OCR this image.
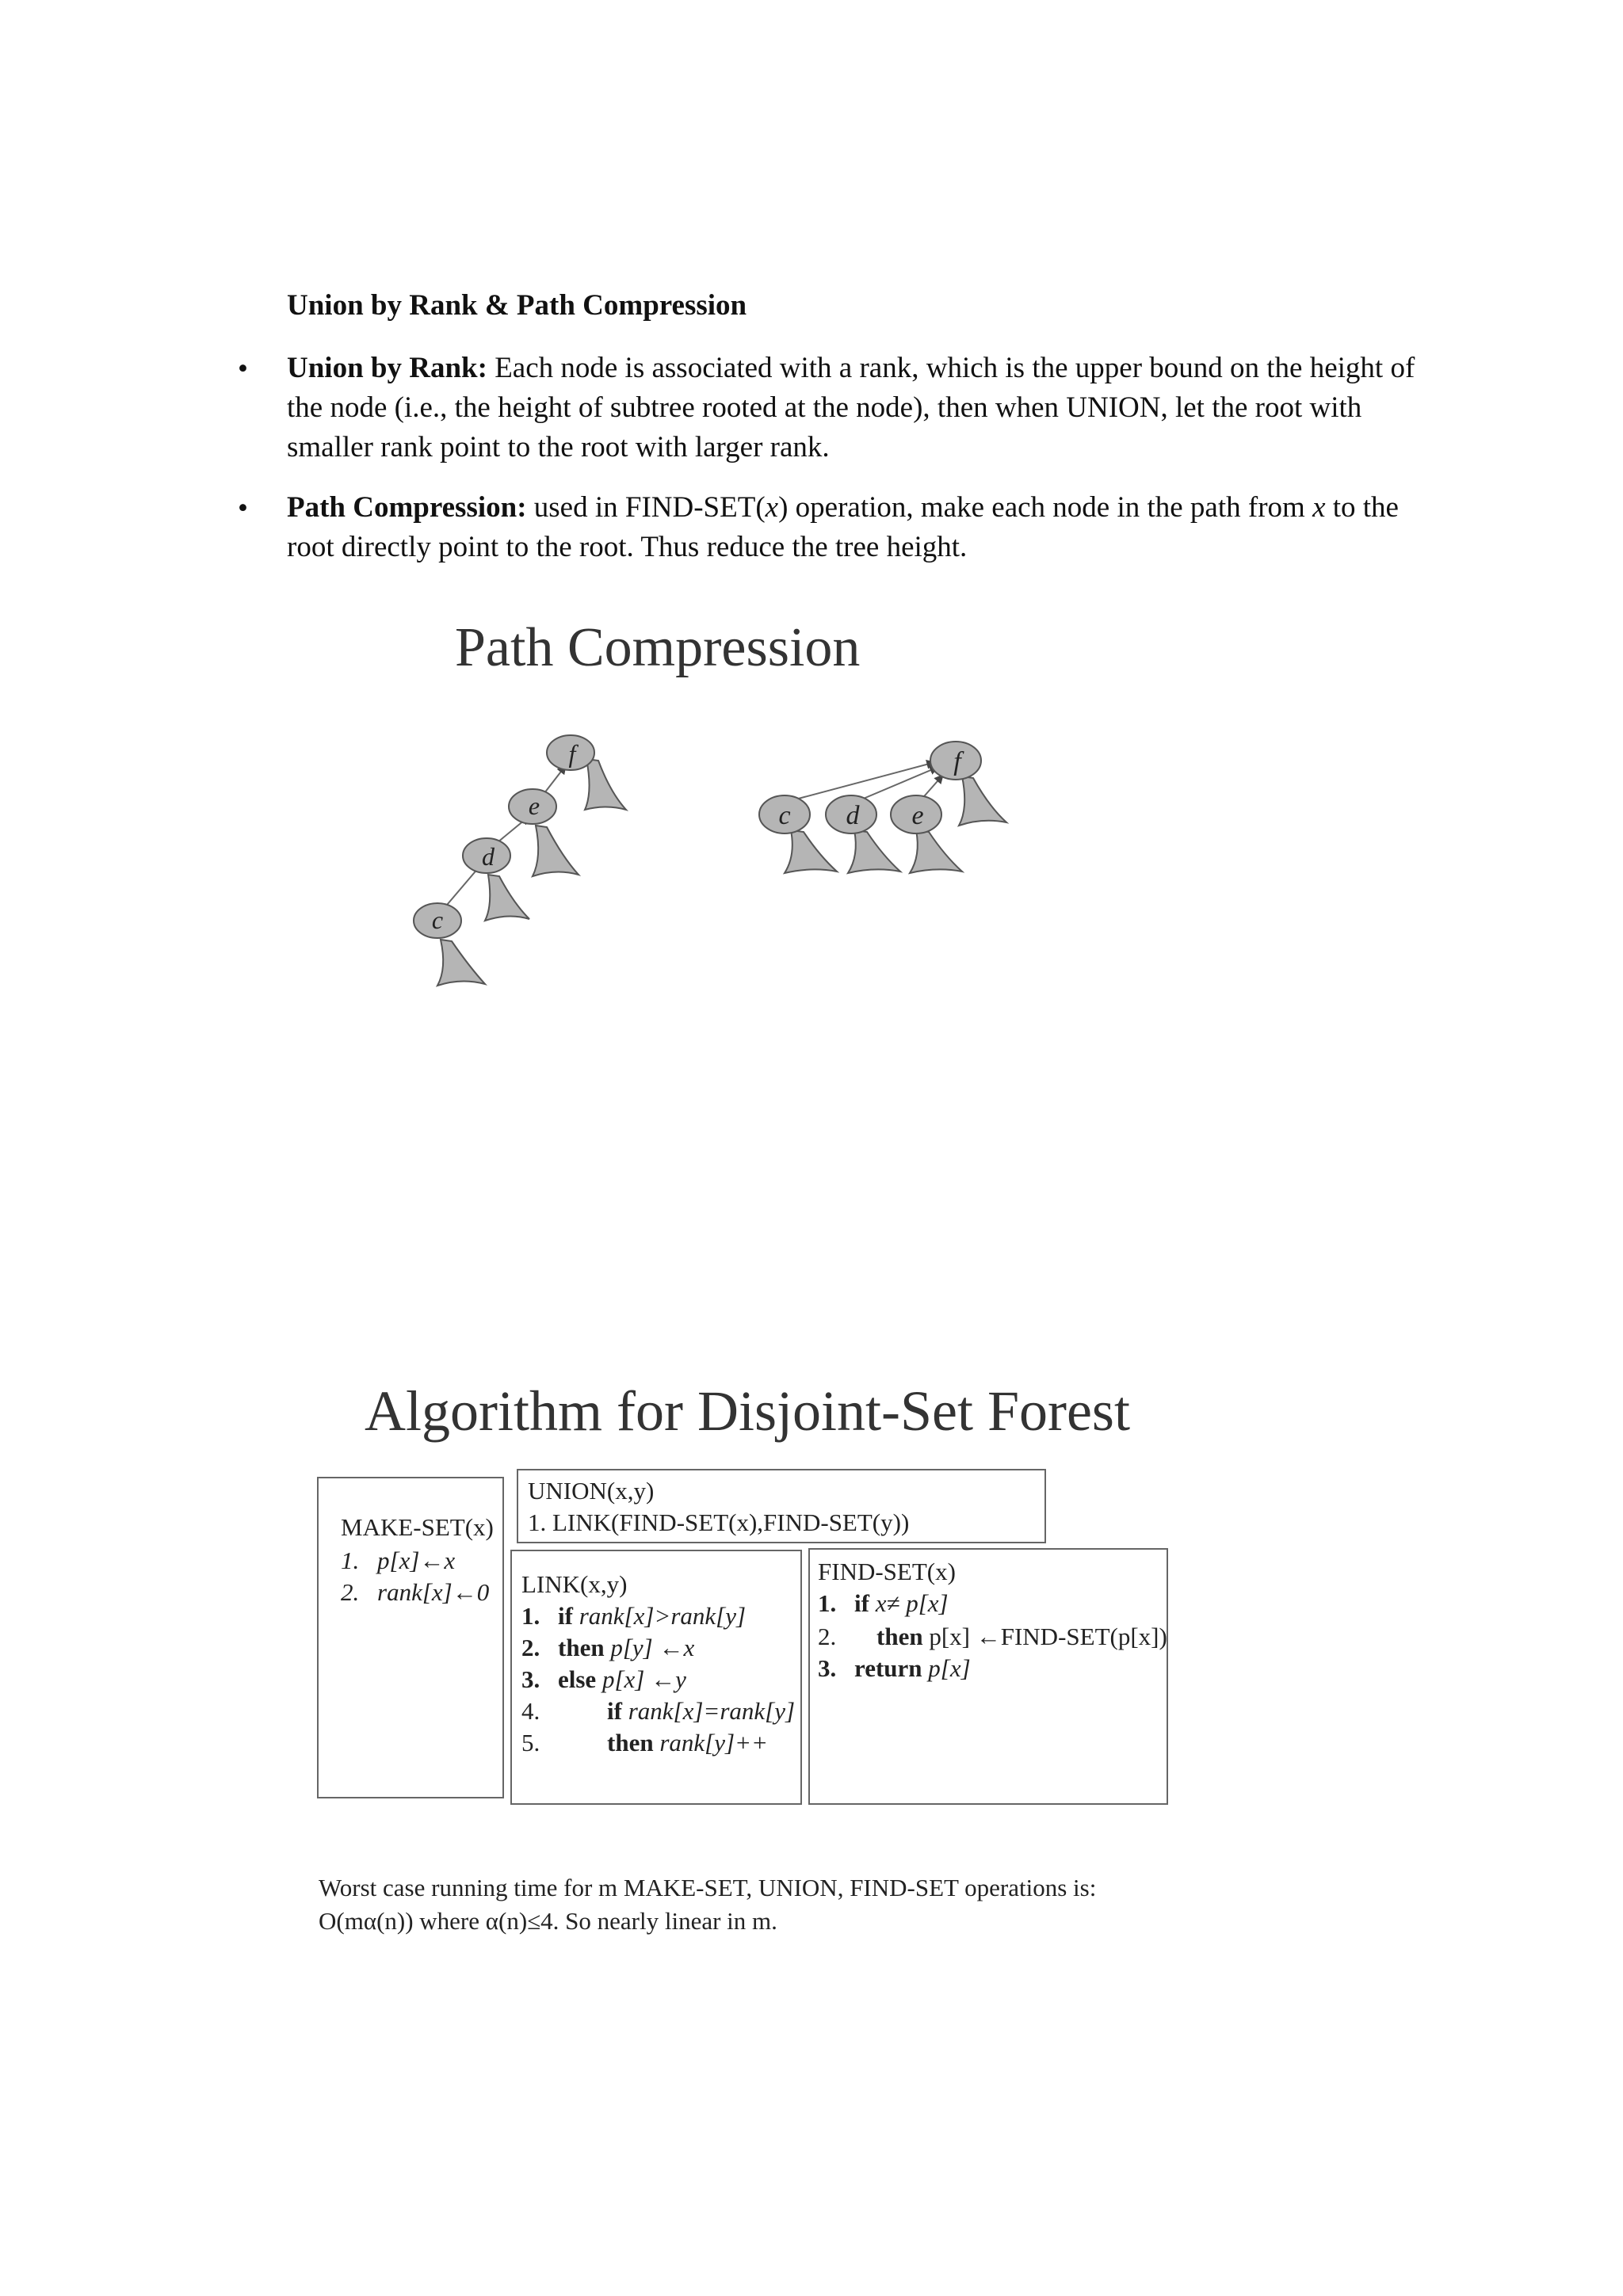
Union by Rank & Path Compression
• Union by Rank: Each node is associated with a rank, which is the upper bound on the height of the node (i.e., the height of subtree rooted at the node), then when UNION, let the root with smaller rank point to the root with larger rank.
• Path Compression: used in FIND-SET(x) operation, make each node in the path from x to the root directly point to the root. Thus reduce the tree height.
Path Compression
f
e
d
c
f
c d e
Algorithm for Disjoint-Set Forest
MAKE-SET(x)
1. p[x]←x
2. rank[x]←0
UNION(x,y)
1. LINK(FIND-SET(x),FIND-SET(y))
LINK(x,y)
1. if rank[x]>rank[y]
2. then p[y] ←x
3. else p[x] ←y
4.	if rank[x]=rank[y]
5.	then rank[y]++
FIND-SET(x)
1. if x≠ p[x]
2. then p[x] ←FIND-SET(p[x])
3. return p[x]
Worst case running time for m MAKE-SET, UNION, FIND-SET operations is:
O(mα(n)) where α(n)≤4. So nearly linear in m.
